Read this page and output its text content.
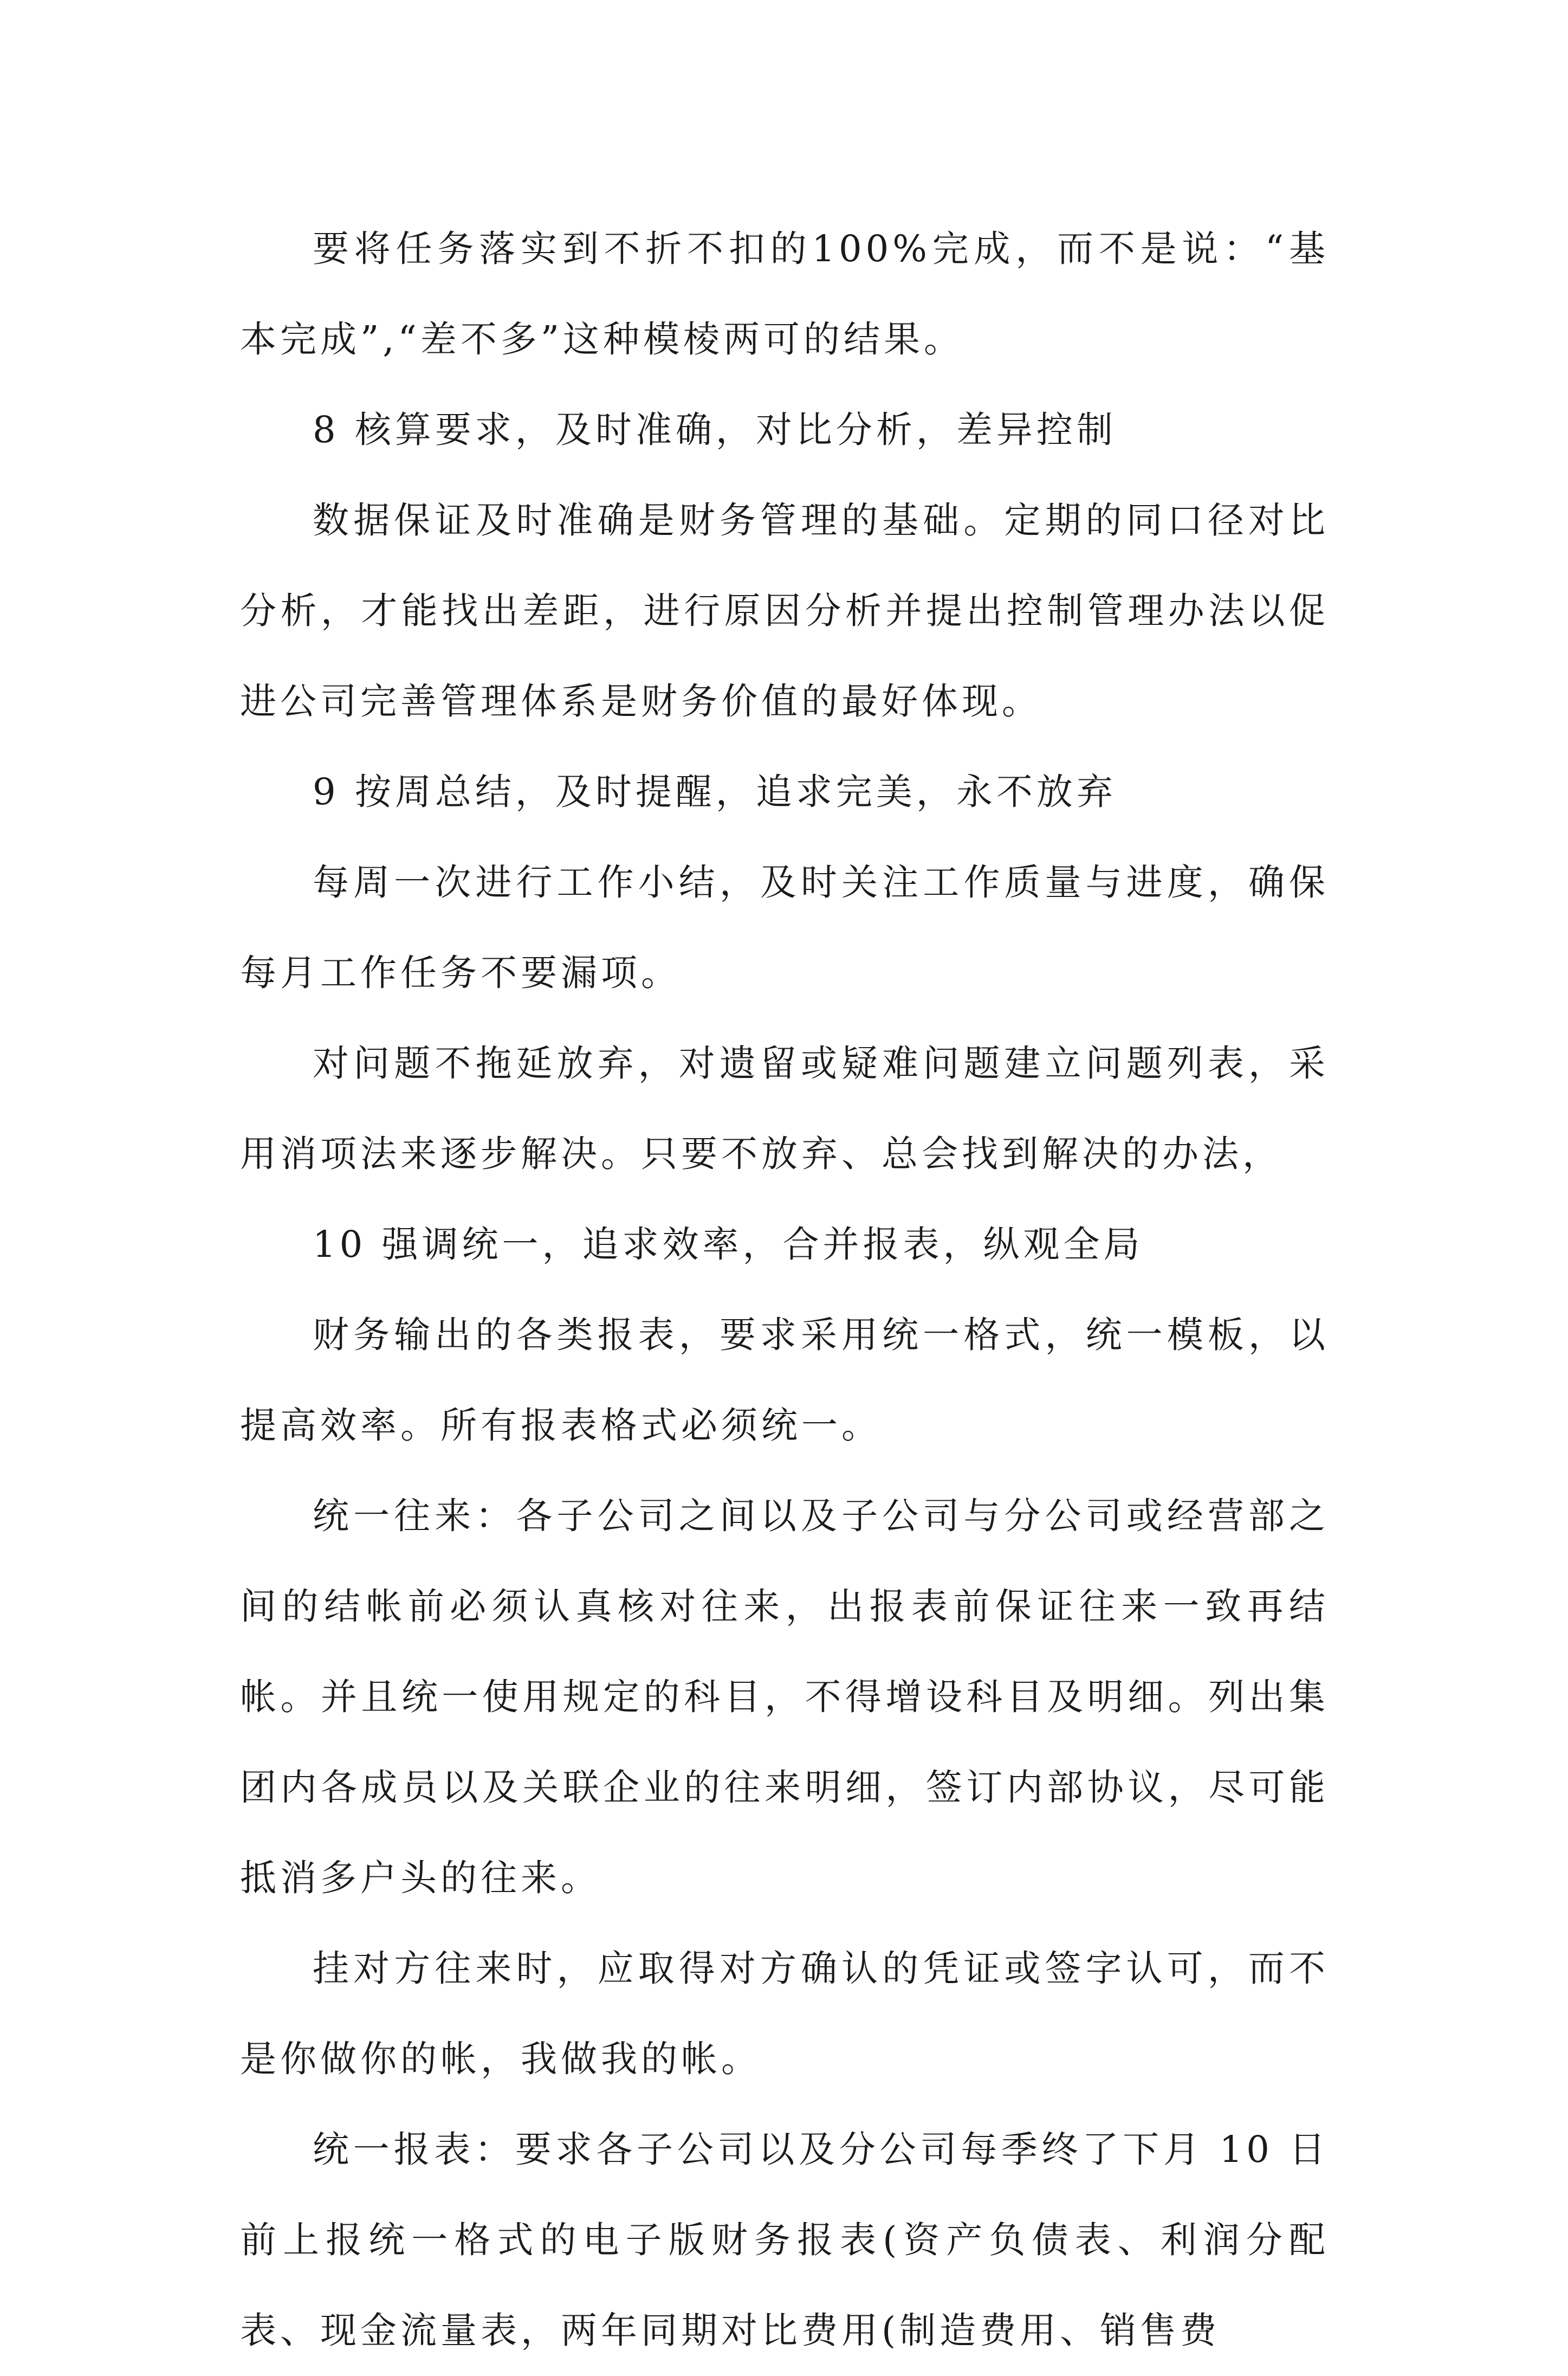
要将任务落实到不折不扣的100%完成，而不是说：“基本完成”,“差不多”这种模棱两可的结果。

8 核算要求，及时准确，对比分析，差异控制

数据保证及时准确是财务管理的基础。定期的同口径对比分析，才能找出差距，进行原因分析并提出控制管理办法以促进公司完善管理体系是财务价值的最好体现。

9 按周总结，及时提醒，追求完美，永不放弃

每周一次进行工作小结，及时关注工作质量与进度，确保每月工作任务不要漏项。

对问题不拖延放弃，对遗留或疑难问题建立问题列表，采用消项法来逐步解决。只要不放弃、总会找到解决的办法，

10 强调统一，追求效率，合并报表，纵观全局

财务输出的各类报表，要求采用统一格式，统一模板，以提高效率。所有报表格式必须统一。

统一往来：各子公司之间以及子公司与分公司或经营部之间的结帐前必须认真核对往来，出报表前保证往来一致再结帐。并且统一使用规定的科目，不得增设科目及明细。列出集团内各成员以及关联企业的往来明细，签订内部协议，尽可能抵消多户头的往来。

挂对方往来时，应取得对方确认的凭证或签字认可，而不是你做你的帐，我做我的帐。

统一报表：要求各子公司以及分公司每季终了下月 10 日前上报统一格式的电子版财务报表(资产负债表、利润分配表、现金流量表，两年同期对比费用(制造费用、销售费
